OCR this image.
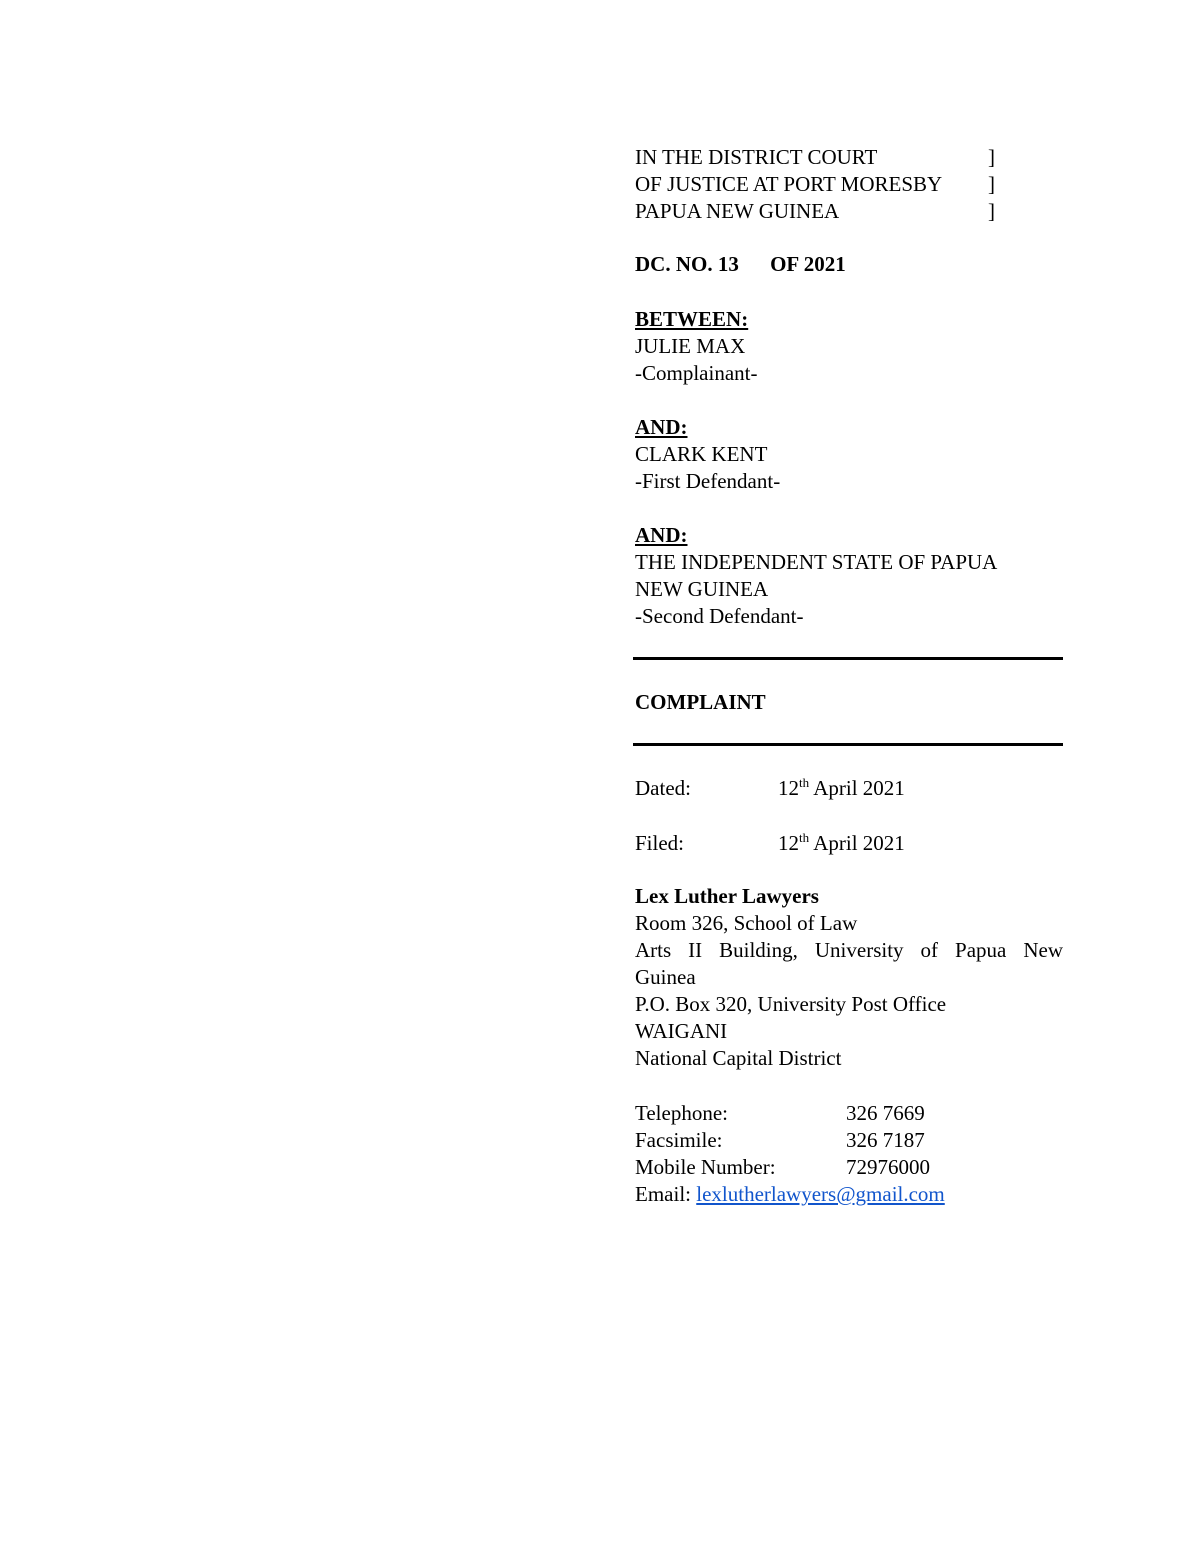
IN THE DISTRICT COURT	]
OF JUSTICE AT PORT MORESBY ]
PAPUA NEW GUINEA	]
DC. NO. 13 OF 2021
BETWEEN:
JULIE MAX
-Complainant-
AND:
CLARK KENT
-First Defendant-
AND:
THE INDEPENDENT STATE OF PAPUA
NEW GUINEA
-Second Defendant-
COMPLAINT
Dated:	12th April 2021
Filed:	12th April 2021
Lex Luther Lawyers
Room 326, School of Law
Arts II Building, University of Papua New
Guinea
P.O. Box 320, University Post Office
WAIGANI
National Capital District
Telephone:	326 7669
Facsimile:	326 7187
Mobile Number:	72976000
Email: lexlutherlawyers@gmail.com
